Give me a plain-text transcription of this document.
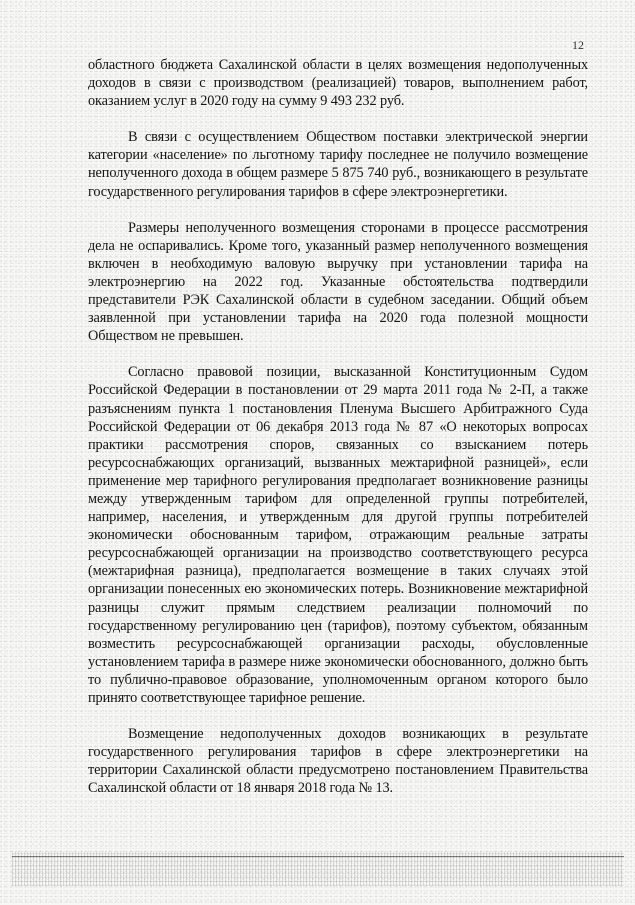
12

областного бюджета Сахалинской области в целях возмещения недополученных доходов в связи с производством (реализацией) товаров, выполнением работ, оказанием услуг в 2020 году на сумму 9 493 232 руб.

В связи с осуществлением Обществом поставки электрической энергии категории «население» по льготному тарифу последнее не получило возмещение неполученного дохода в общем размере 5 875 740 руб., возникающего в результате государственного регулирования тарифов в сфере электроэнергетики.

Размеры неполученного возмещения сторонами в процессе рассмотрения дела не оспаривались. Кроме того, указанный размер неполученного возмещения включен в необходимую валовую выручку при установлении тарифа на электроэнергию на 2022 год. Указанные обстоятельства подтвердили представители РЭК Сахалинской области в судебном заседании. Общий объем заявленной при установлении тарифа на 2020 года полезной мощности Обществом не превышен.

Согласно правовой позиции, высказанной Конституционным Судом Российской Федерации в постановлении от 29 марта 2011 года № 2-П, а также разъяснениям пункта 1 постановления Пленума Высшего Арбитражного Суда Российской Федерации от 06 декабря 2013 года № 87 «О некоторых вопросах практики рассмотрения споров, связанных со взысканием потерь ресурсоснабжающих организаций, вызванных межтарифной разницей», если применение мер тарифного регулирования предполагает возникновение разницы между утвержденным тарифом для определенной группы потребителей, например, населения, и утвержденным для другой группы потребителей экономически обоснованным тарифом, отражающим реальные затраты ресурсоснабжающей организации на производство соответствующего ресурса (межтарифная разница), предполагается возмещение в таких случаях этой организации понесенных ею экономических потерь. Возникновение межтарифной разницы служит прямым следствием реализации полномочий по государственному регулированию цен (тарифов), поэтому субъектом, обязанным возместить ресурсоснабжающей организации расходы, обусловленные установлением тарифа в размере ниже экономически обоснованного, должно быть то публично-правовое образование, уполномоченным органом которого было принято соответствующее тарифное решение.

Возмещение недополученных доходов возникающих в результате государственного регулирования тарифов в сфере электроэнергетики на территории Сахалинской области предусмотрено постановлением Правительства Сахалинской области от 18 января 2018 года № 13.
